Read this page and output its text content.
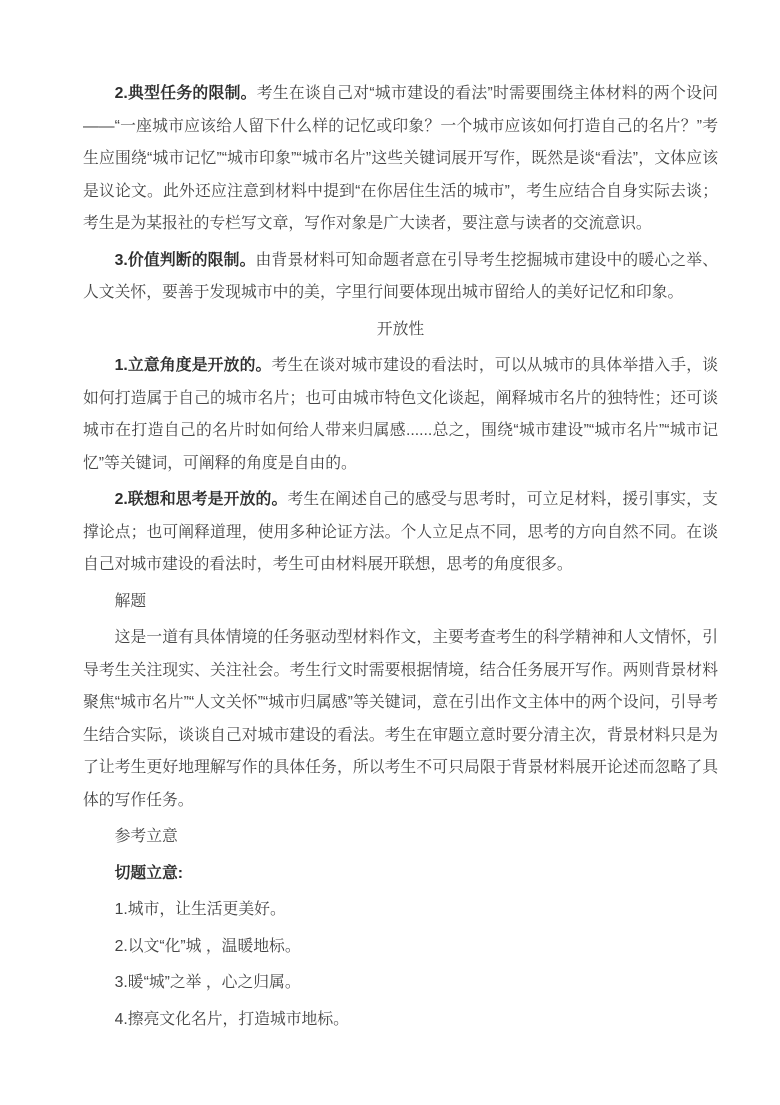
2.典型任务的限制。考生在谈自己对“城市建设的看法”时需要围绕主体材料的两个设问——“一座城市应该给人留下什么样的记忆或印象？一个城市应该如何打造自己的名片？”考生应围绕“城市记忆”“城市印象”“城市名片”这些关键词展开写作，既然是谈“看法”，文体应该是议论文。此外还应注意到材料中提到“在你居住生活的城市”，考生应结合自身实际去谈；考生是为某报社的专栏写文章，写作对象是广大读者，要注意与读者的交流意识。

3.价值判断的限制。由背景材料可知命题者意在引导考生挖掘城市建设中的暖心之举、人文关怀，要善于发现城市中的美，字里行间要体现出城市留给人的美好记忆和印象。

开放性

1.立意角度是开放的。考生在谈对城市建设的看法时，可以从城市的具体举措入手，谈如何打造属于自己的城市名片；也可由城市特色文化谈起，阐释城市名片的独特性；还可谈城市在打造自己的名片时如何给人带来归属感......总之，围绕“城市建设”“城市名片”“城市记忆”等关键词，可阐释的角度是自由的。

2.联想和思考是开放的。考生在阐述自己的感受与思考时，可立足材料，援引事实，支撑论点；也可阐释道理，使用多种论证方法。个人立足点不同，思考的方向自然不同。在谈自己对城市建设的看法时，考生可由材料展开联想，思考的角度很多。

解题

这是一道有具体情境的任务驱动型材料作文，主要考查考生的科学精神和人文情怀，引导考生关注现实、关注社会。考生行文时需要根据情境，结合任务展开写作。两则背景材料聚焦“城市名片”“人文关怀”“城市归属感”等关键词，意在引出作文主体中的两个设问，引导考生结合实际，谈谈自己对城市建设的看法。考生在审题立意时要分清主次，背景材料只是为了让考生更好地理解写作的具体任务，所以考生不可只局限于背景材料展开论述而忽略了具体的写作任务。

参考立意

切题立意:

1.城市，让生活更美好。

2.以文“化”城 ，温暖地标。

3.暖“城”之举 ，心之归属。

4.擦亮文化名片，打造城市地标。
